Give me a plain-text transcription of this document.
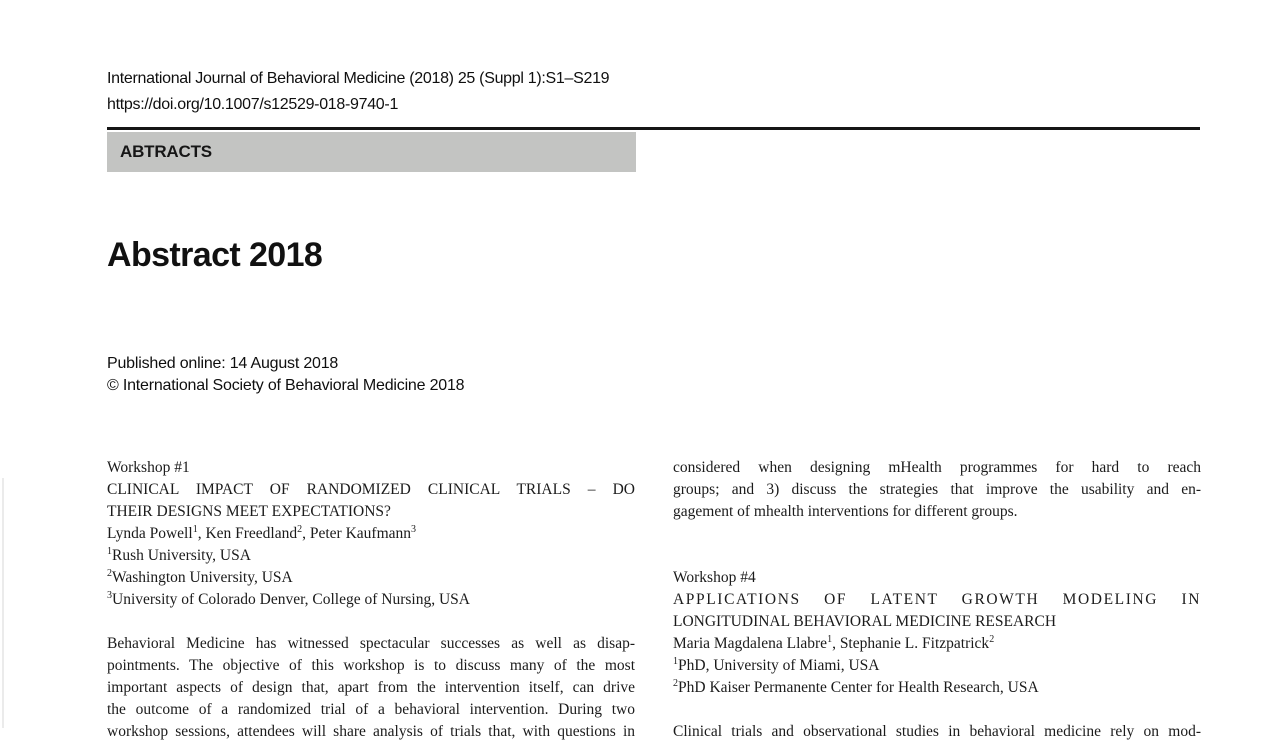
International Journal of Behavioral Medicine (2018) 25 (Suppl 1):S1–S219
https://doi.org/10.1007/s12529-018-9740-1
ABTRACTS
Abstract 2018
Published online: 14 August 2018
© International Society of Behavioral Medicine 2018
Workshop #1
CLINICAL IMPACT OF RANDOMIZED CLINICAL TRIALS – DO
THEIR DESIGNS MEET EXPECTATIONS?
Lynda Powell$^1$, Ken Freedland$^2$, Peter Kaufmann$^3$
$^1$Rush University, USA
$^2$Washington University, USA
$^3$University of Colorado Denver, College of Nursing, USA
Behavioral Medicine has witnessed spectacular successes as well as disap-
pointments. The objective of this workshop is to discuss many of the most
important aspects of design that, apart from the intervention itself, can drive
the outcome of a randomized trial of a behavioral intervention. During two
workshop sessions, attendees will share analysis of trials that, with questions in
considered when designing mHealth programmes for hard to reach
groups; and 3) discuss the strategies that improve the usability and en-
gagement of mhealth interventions for different groups.
Workshop #4
APPLICATIONS OF LATENT GROWTH MODELING IN
LONGITUDINAL BEHAVIORAL MEDICINE RESEARCH
Maria Magdalena Llabre$^1$, Stephanie L. Fitzpatrick$^2$
$^1$PhD, University of Miami, USA
$^2$PhD Kaiser Permanente Center for Health Research, USA
Clinical trials and observational studies in behavioral medicine rely on mod-
